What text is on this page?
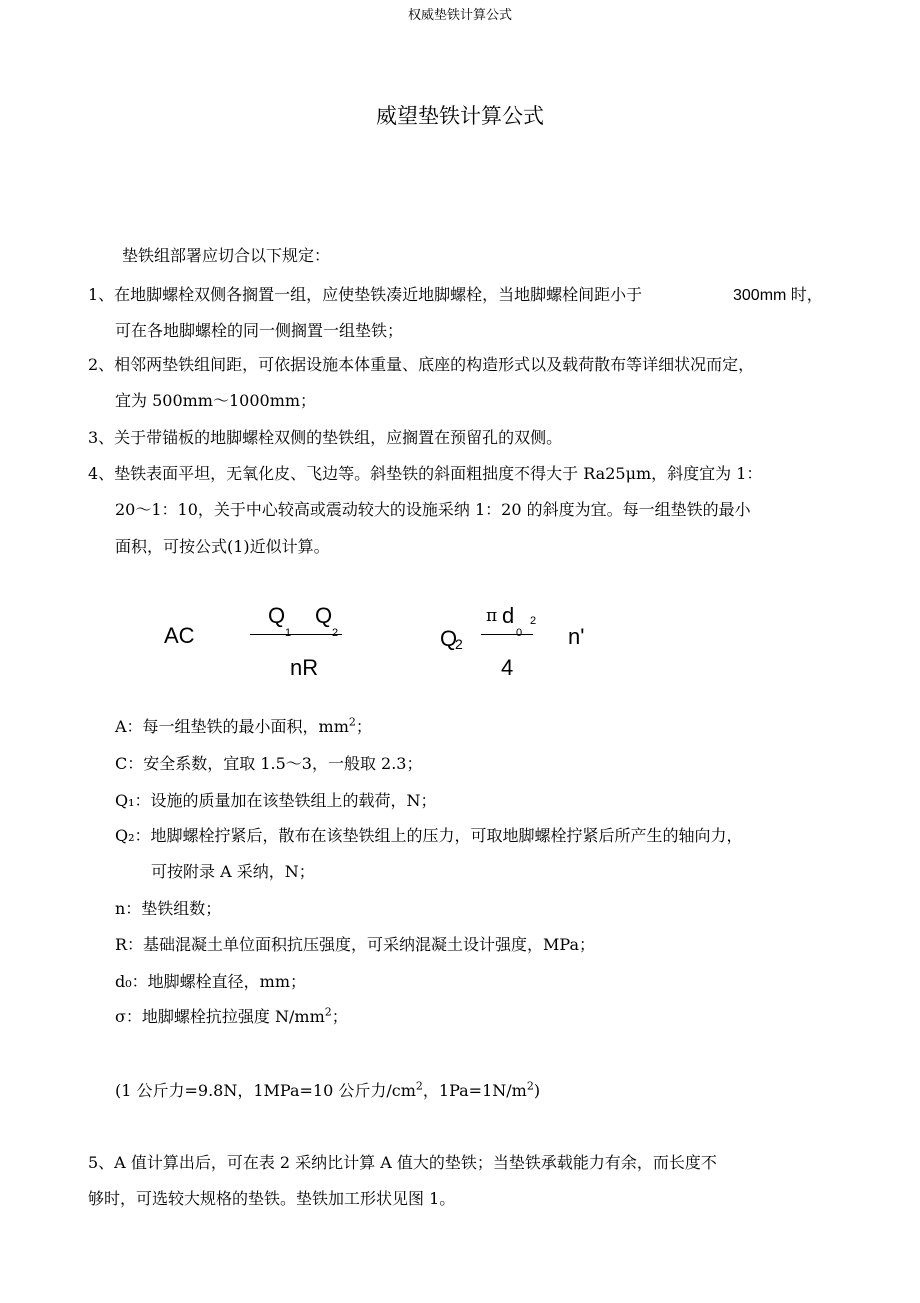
权威垫铁计算公式
威望垫铁计算公式
垫铁组部署应切合以下规定：
1、在地脚螺栓双侧各搁置一组，应使垫铁凑近地脚螺栓，当地脚螺栓间距小于	300mm 时，
可在各地脚螺栓的同一侧搁置一组垫铁；
2、相邻两垫铁组间距，可依据设施本体重量、底座的构造形式以及载荷散布等详细状况而定，
宜为 500mm～1000mm；
3、关于带锚板的地脚螺栓双侧的垫铁组，应搁置在预留孔的双侧。
4、垫铁表面平坦，无氧化皮、飞边等。斜垫铁的斜面粗拙度不得大于 Ra25μm，斜度宜为 1：
20～1：10，关于中心较高或震动较大的设施采纳 1：20 的斜度为宜。每一组垫铁的最小
面积，可按公式(1)近似计算。
AC
Q Q
1	2
nR
Q
2
π d 2
0
4
n'
A：每一组垫铁的最小面积，$mm^2$；
C：安全系数，宜取 1.5～3，一般取 2.3；
Q₁：设施的质量加在该垫铁组上的载荷，N；
Q₂：地脚螺栓拧紧后，散布在该垫铁组上的压力，可取地脚螺栓拧紧后所产生的轴向力，
可按附录 A 采纳，N；
n：垫铁组数；
R：基础混凝土单位面积抗压强度，可采纳混凝土设计强度，MPa；
d₀：地脚螺栓直径，mm；
σ：地脚螺栓抗拉强度 $N/mm^2$；
(1 公斤力=9.8N，1MPa=10 公斤力$/cm^2$，$1Pa=1N/m^2$)
5、A 值计算出后，可在表 2 采纳比计算 A 值大的垫铁；当垫铁承载能力有余，而长度不
够时，可选较大规格的垫铁。垫铁加工形状见图 1。
